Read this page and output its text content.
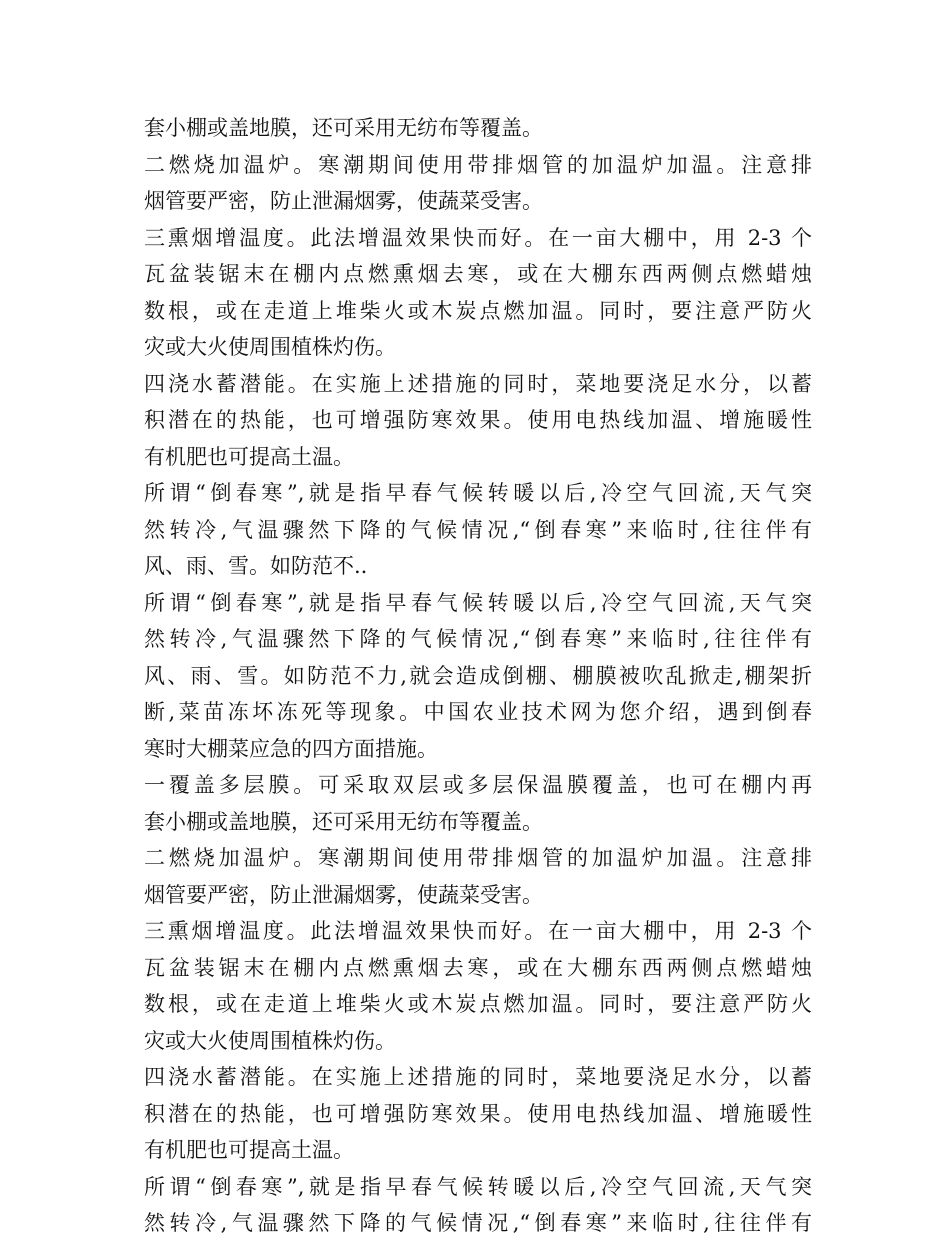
套小棚或盖地膜，还可采用无纺布等覆盖。
二燃烧加温炉。寒潮期间使用带排烟管的加温炉加温。注意排
烟管要严密，防止泄漏烟雾，使蔬菜受害。
三熏烟增温度。此法增温效果快而好。在一亩大棚中，用 2-3 个
瓦盆装锯末在棚内点燃熏烟去寒，或在大棚东西两侧点燃蜡烛
数根，或在走道上堆柴火或木炭点燃加温。同时，要注意严防火
灾或大火使周围植株灼伤。
四浇水蓄潜能。在实施上述措施的同时，菜地要浇足水分，以蓄
积潜在的热能，也可增强防寒效果。使用电热线加温、增施暖性
有机肥也可提高土温。
所谓“倒春寒”,就是指早春气候转暖以后,冷空气回流,天气突
然转冷,气温骤然下降的气候情况,“倒春寒”来临时,往往伴有
风、雨、雪。如防范不..
所谓“倒春寒”,就是指早春气候转暖以后,冷空气回流,天气突
然转冷,气温骤然下降的气候情况,“倒春寒”来临时,往往伴有
风、雨、雪。如防范不力,就会造成倒棚、棚膜被吹乱掀走,棚架折
断,菜苗冻坏冻死等现象。中国农业技术网为您介绍，遇到倒春
寒时大棚菜应急的四方面措施。
一覆盖多层膜。可采取双层或多层保温膜覆盖，也可在棚内再
套小棚或盖地膜，还可采用无纺布等覆盖。
二燃烧加温炉。寒潮期间使用带排烟管的加温炉加温。注意排
烟管要严密，防止泄漏烟雾，使蔬菜受害。
三熏烟增温度。此法增温效果快而好。在一亩大棚中，用 2-3 个
瓦盆装锯末在棚内点燃熏烟去寒，或在大棚东西两侧点燃蜡烛
数根，或在走道上堆柴火或木炭点燃加温。同时，要注意严防火
灾或大火使周围植株灼伤。
四浇水蓄潜能。在实施上述措施的同时，菜地要浇足水分，以蓄
积潜在的热能，也可增强防寒效果。使用电热线加温、增施暖性
有机肥也可提高土温。
所谓“倒春寒”,就是指早春气候转暖以后,冷空气回流,天气突
然转冷,气温骤然下降的气候情况,“倒春寒”来临时,往往伴有
